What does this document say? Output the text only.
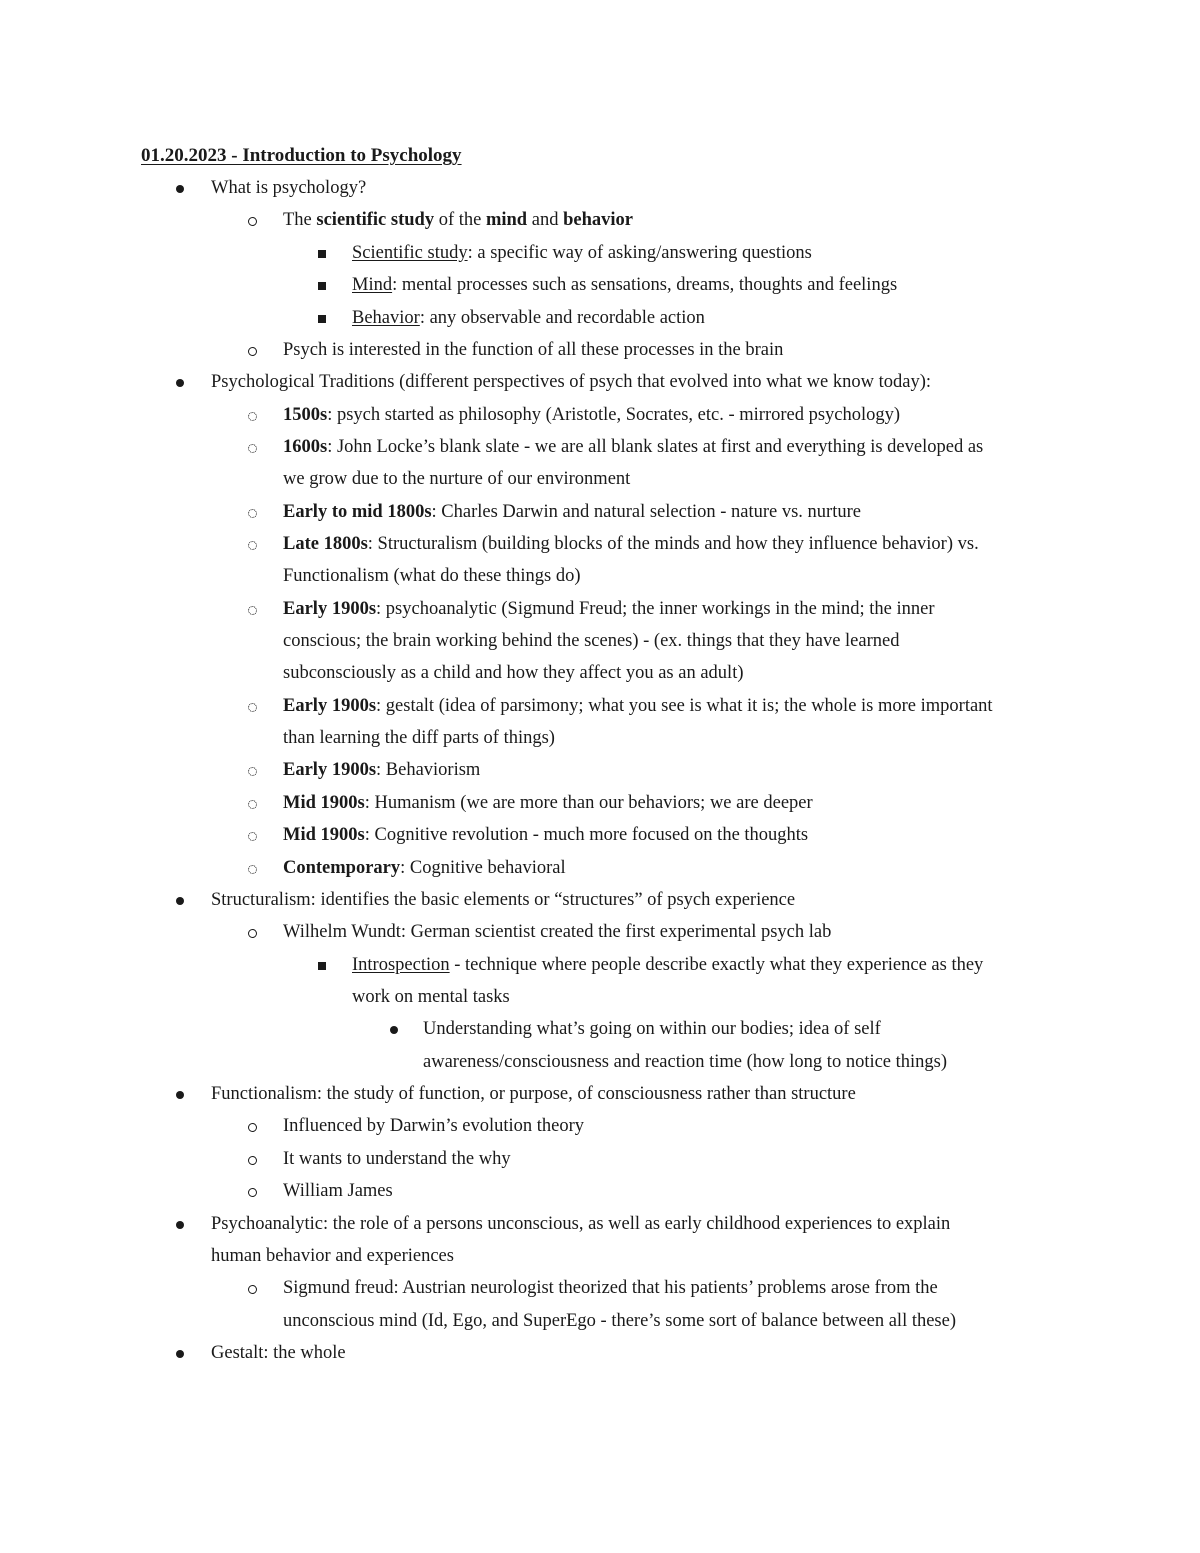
01.20.2023 - Introduction to Psychology
What is psychology?
The scientific study of the mind and behavior
Scientific study: a specific way of asking/answering questions
Mind: mental processes such as sensations, dreams, thoughts and feelings
Behavior: any observable and recordable action
Psych is interested in the function of all these processes in the brain
Psychological Traditions (different perspectives of psych that evolved into what we know today):
1500s: psych started as philosophy (Aristotle, Socrates, etc. - mirrored psychology)
1600s: John Locke’s blank slate - we are all blank slates at first and everything is developed as
we grow due to the nurture of our environment
Early to mid 1800s: Charles Darwin and natural selection - nature vs. nurture
Late 1800s: Structuralism (building blocks of the minds and how they influence behavior) vs.
Functionalism (what do these things do)
Early 1900s: psychoanalytic (Sigmund Freud; the inner workings in the mind; the inner
conscious; the brain working behind the scenes) - (ex. things that they have learned
subconsciously as a child and how they affect you as an adult)
Early 1900s: gestalt (idea of parsimony; what you see is what it is; the whole is more important
than learning the diff parts of things)
Early 1900s: Behaviorism
Mid 1900s: Humanism (we are more than our behaviors; we are deeper
Mid 1900s: Cognitive revolution - much more focused on the thoughts
Contemporary: Cognitive behavioral
Structuralism: identifies the basic elements or “structures” of psych experience
Wilhelm Wundt: German scientist created the first experimental psych lab
Introspection - technique where people describe exactly what they experience as they
work on mental tasks
Understanding what’s going on within our bodies; idea of self
awareness/consciousness and reaction time (how long to notice things)
Functionalism: the study of function, or purpose, of consciousness rather than structure
Influenced by Darwin’s evolution theory
It wants to understand the why
William James
Psychoanalytic: the role of a persons unconscious, as well as early childhood experiences to explain
human behavior and experiences
Sigmund freud: Austrian neurologist theorized that his patients’ problems arose from the
unconscious mind (Id, Ego, and SuperEgo - there’s some sort of balance between all these)
Gestalt: the whole
